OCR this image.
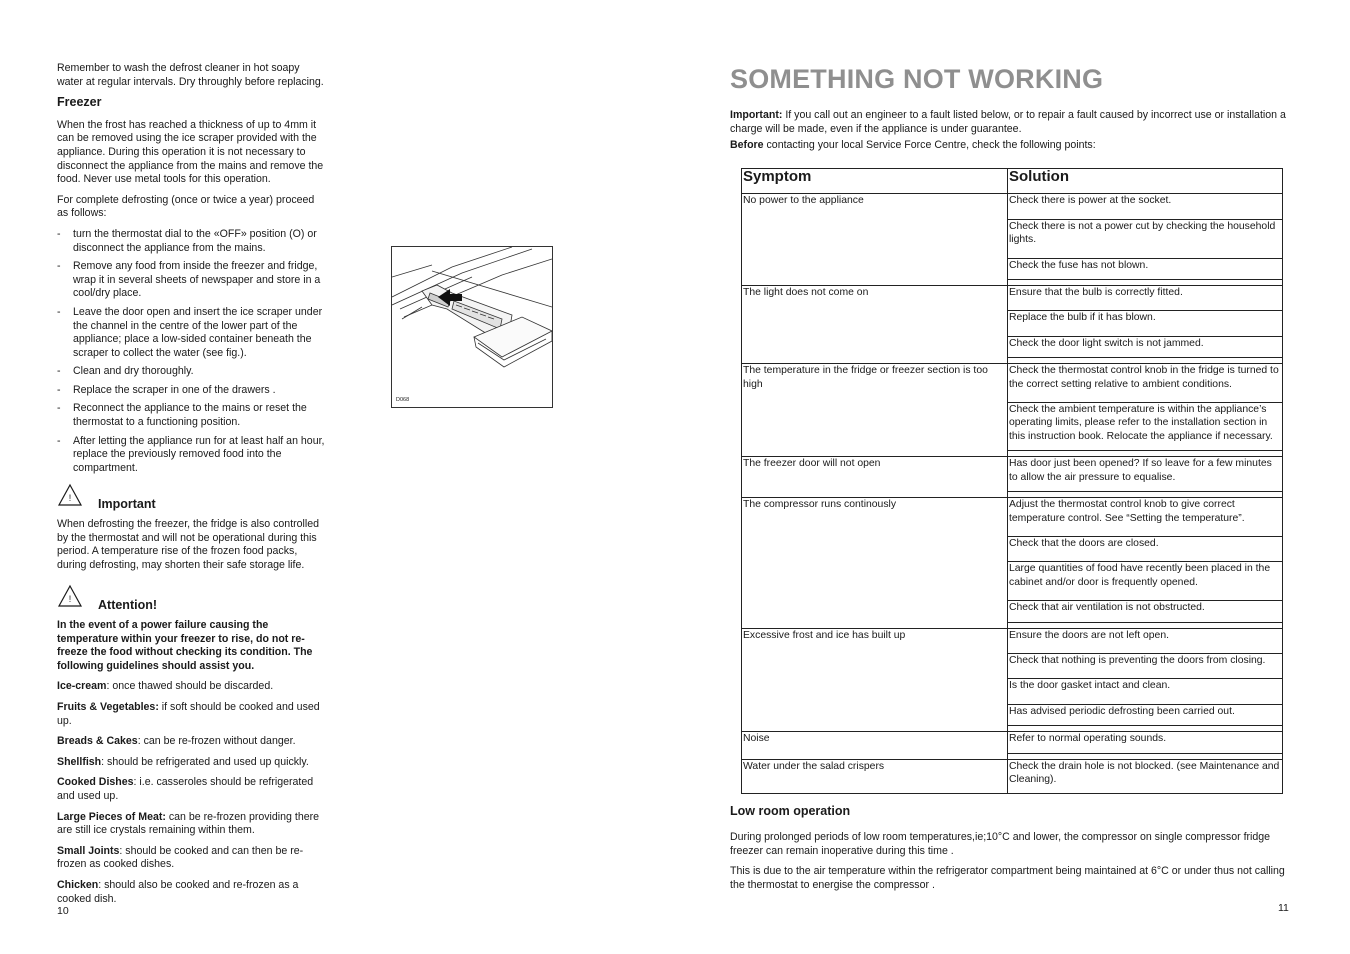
Remember to wash the defrost cleaner in hot soapy water at regular intervals. Dry throughly before replacing.

Freezer

When the frost has reached a thickness of up to 4mm it can be removed using the ice scraper provided with the appliance. During this operation it is not necessary to disconnect the appliance from the mains and remove the food. Never use metal tools for this operation.

For complete defrosting (once or twice a year) proceed as follows:

- turn the thermostat dial to the «OFF» position (O) or disconnect the appliance from the mains.
- Remove any food from inside the freezer and fridge, wrap it in several sheets of newspaper and store in a cool/dry place.
- Leave the door open and insert the ice scraper under the channel in the centre of the lower part of the appliance; place a low-sided container beneath the scraper to collect the water (see fig.).
- Clean and dry thoroughly.
- Replace the scraper in one of the drawers .
- Reconnect the appliance to the mains or reset the thermostat to a functioning position.
- After letting the appliance run for at least half an hour, replace the previously removed food into the compartment.
! Important

When defrosting the freezer, the fridge is also controlled by the thermostat and will not be operational during this period. A temperature rise of the frozen food packs, during defrosting, may shorten their safe storage life.

! Attention!

In the event of a power failure causing the temperature within your freezer to rise, do not re-freeze the food without checking its condition. The following guidelines should assist you.

Ice-cream: once thawed should be discarded.

Fruits & Vegetables: if soft should be cooked and used up.

Breads & Cakes: can be re-frozen without danger.

Shellfish: should be refrigerated and used up quickly.

Cooked Dishes: i.e. casseroles should be refrigerated and used up.

Large Pieces of Meat: can be re-frozen providing there are still ice crystals remaining within them.

Small Joints: should be cooked and can then be re-frozen as cooked dishes.

Chicken: should also be cooked and re-frozen as a cooked dish.

10
D068
SOMETHING NOT WORKING

Important: If you call out an engineer to a fault listed below, or to repair a fault caused by incorrect use or installation a charge will be made, even if the appliance is under guarantee.

Before contacting your local Service Force Centre, check the following points:

Symptom	Solution
No power to the appliance	Check there is power at the socket.
	Check there is not a power cut by checking the household lights.
	Check the fuse has not blown.

The light does not come on	Ensure that the bulb is correctly fitted.
	Replace the bulb if it has blown.
	Check the door light switch is not jammed.

The temperature in the fridge or freezer section is too high	Check the thermostat control knob in the fridge is turned to the correct setting relative to ambient conditions.
	Check the ambient temperature is within the appliance’s operating limits, please refer to the installation section in this instruction book. Relocate the appliance if necessary.

The freezer door will not open	Has door just been opened? If so leave for a few minutes to allow the air pressure to equalise.

The compressor runs continously	Adjust the thermostat control knob to give correct temperature control. See “Setting the temperature”.
	Check that the doors are closed.
	Large quantities of food have recently been placed in the cabinet and/or door is frequently opened.
	Check that air ventilation is not obstructed.

Excessive frost and ice has built up	Ensure the doors are not left open.
	Check that nothing is preventing the doors from closing.
	Is the door gasket intact and clean.
	Has advised periodic defrosting been carried out.

Noise	Refer to normal operating sounds.

Water under the salad crispers	Check the drain hole is not blocked. (see Maintenance and Cleaning).
Low room operation

During prolonged periods of low room temperatures,ie;10°C and lower, the compressor on single compressor fridge freezer can remain inoperative during this time .

This is due to the air temperature within the refrigerator compartment being maintained at 6°C or under thus not calling the thermostat to energise the compressor .

11
